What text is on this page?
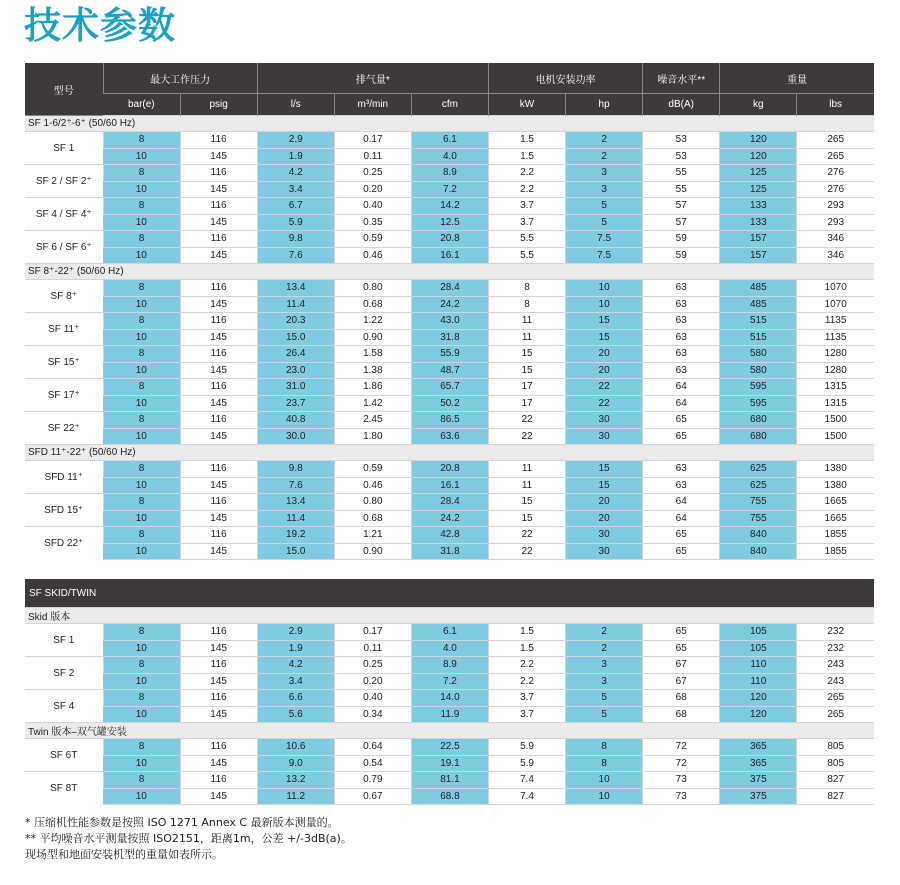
技术参数
型号	最大工作压力		排气量*			电机安装功率		噪音水平**	重量	
	bar(e)	psig	l/s	m³/min	cfm	kW	hp	dB(A)	kg	lbs
SF 1-6/2⁺-6⁺ (50/60 Hz)										
SF 1	8	116	2.9	0.17	6.1	1.5	2	53	120	265
	10	145	1.9	0.11	4.0	1.5	2	53	120	265
SF 2 / SF 2⁺	8	116	4.2	0.25	8.9	2.2	3	55	125	276
	10	145	3.4	0.20	7.2	2.2	3	55	125	276
SF 4 / SF 4⁺	8	116	6.7	0.40	14.2	3.7	5	57	133	293
	10	145	5.9	0.35	12.5	3.7	5	57	133	293
SF 6 / SF 6⁺	8	116	9.8	0.59	20.8	5.5	7.5	59	157	346
	10	145	7.6	0.46	16.1	5.5	7.5	59	157	346
SF 8⁺-22⁺ (50/60 Hz)										
SF 8⁺	8	116	13.4	0.80	28.4	8	10	63	485	1070
	10	145	11.4	0.68	24.2	8	10	63	485	1070
SF 11⁺	8	116	20.3	1.22	43.0	11	15	63	515	1135
	10	145	15.0	0.90	31.8	11	15	63	515	1135
SF 15⁺	8	116	26.4	1.58	55.9	15	20	63	580	1280
	10	145	23.0	1.38	48.7	15	20	63	580	1280
SF 17⁺	8	116	31.0	1.86	65.7	17	22	64	595	1315
	10	145	23.7	1.42	50.2	17	22	64	595	1315
SF 22⁺	8	116	40.8	2.45	86.5	22	30	65	680	1500
	10	145	30.0	1.80	63.6	22	30	65	680	1500
SFD 11⁺-22⁺ (50/60 Hz)										
SFD 11⁺	8	116	9.8	0.59	20.8	11	15	63	625	1380
	10	145	7.6	0.46	16.1	11	15	63	625	1380
SFD 15⁺	8	116	13.4	0.80	28.4	15	20	64	755	1665
	10	145	11.4	0.68	24.2	15	20	64	755	1665
SFD 22⁺	8	116	19.2	1.21	42.8	22	30	65	840	1855
	10	145	15.0	0.90	31.8	22	30	65	840	1855
SF SKID/TWIN										
Skid 版本										
SF 1	8	116	2.9	0.17	6.1	1.5	2	65	105	232
	10	145	1.9	0.11	4.0	1.5	2	65	105	232
SF 2	8	116	4.2	0.25	8.9	2.2	3	67	110	243
	10	145	3.4	0.20	7.2	2.2	3	67	110	243
SF 4	8	116	6.6	0.40	14.0	3.7	5	68	120	265
	10	145	5.6	0.34	11.9	3.7	5	68	120	265
Twin 版本–双气罐安装										
SF 6T	8	116	10.6	0.64	22.5	5.9	8	72	365	805
	10	145	9.0	0.54	19.1	5.9	8	72	365	805
SF 8T	8	116	13.2	0.79	81.1	7.4	10	73	375	827
	10	145	11.2	0.67	68.8	7.4	10	73	375	827
* 压缩机性能参数是按照 ISO 1271 Annex C 最新版本测量的。
** 平均噪音水平测量按照 ISO2151，距离1m，公差 +/-3dB(a)。
现场型和地面安装机型的重量如表所示。
